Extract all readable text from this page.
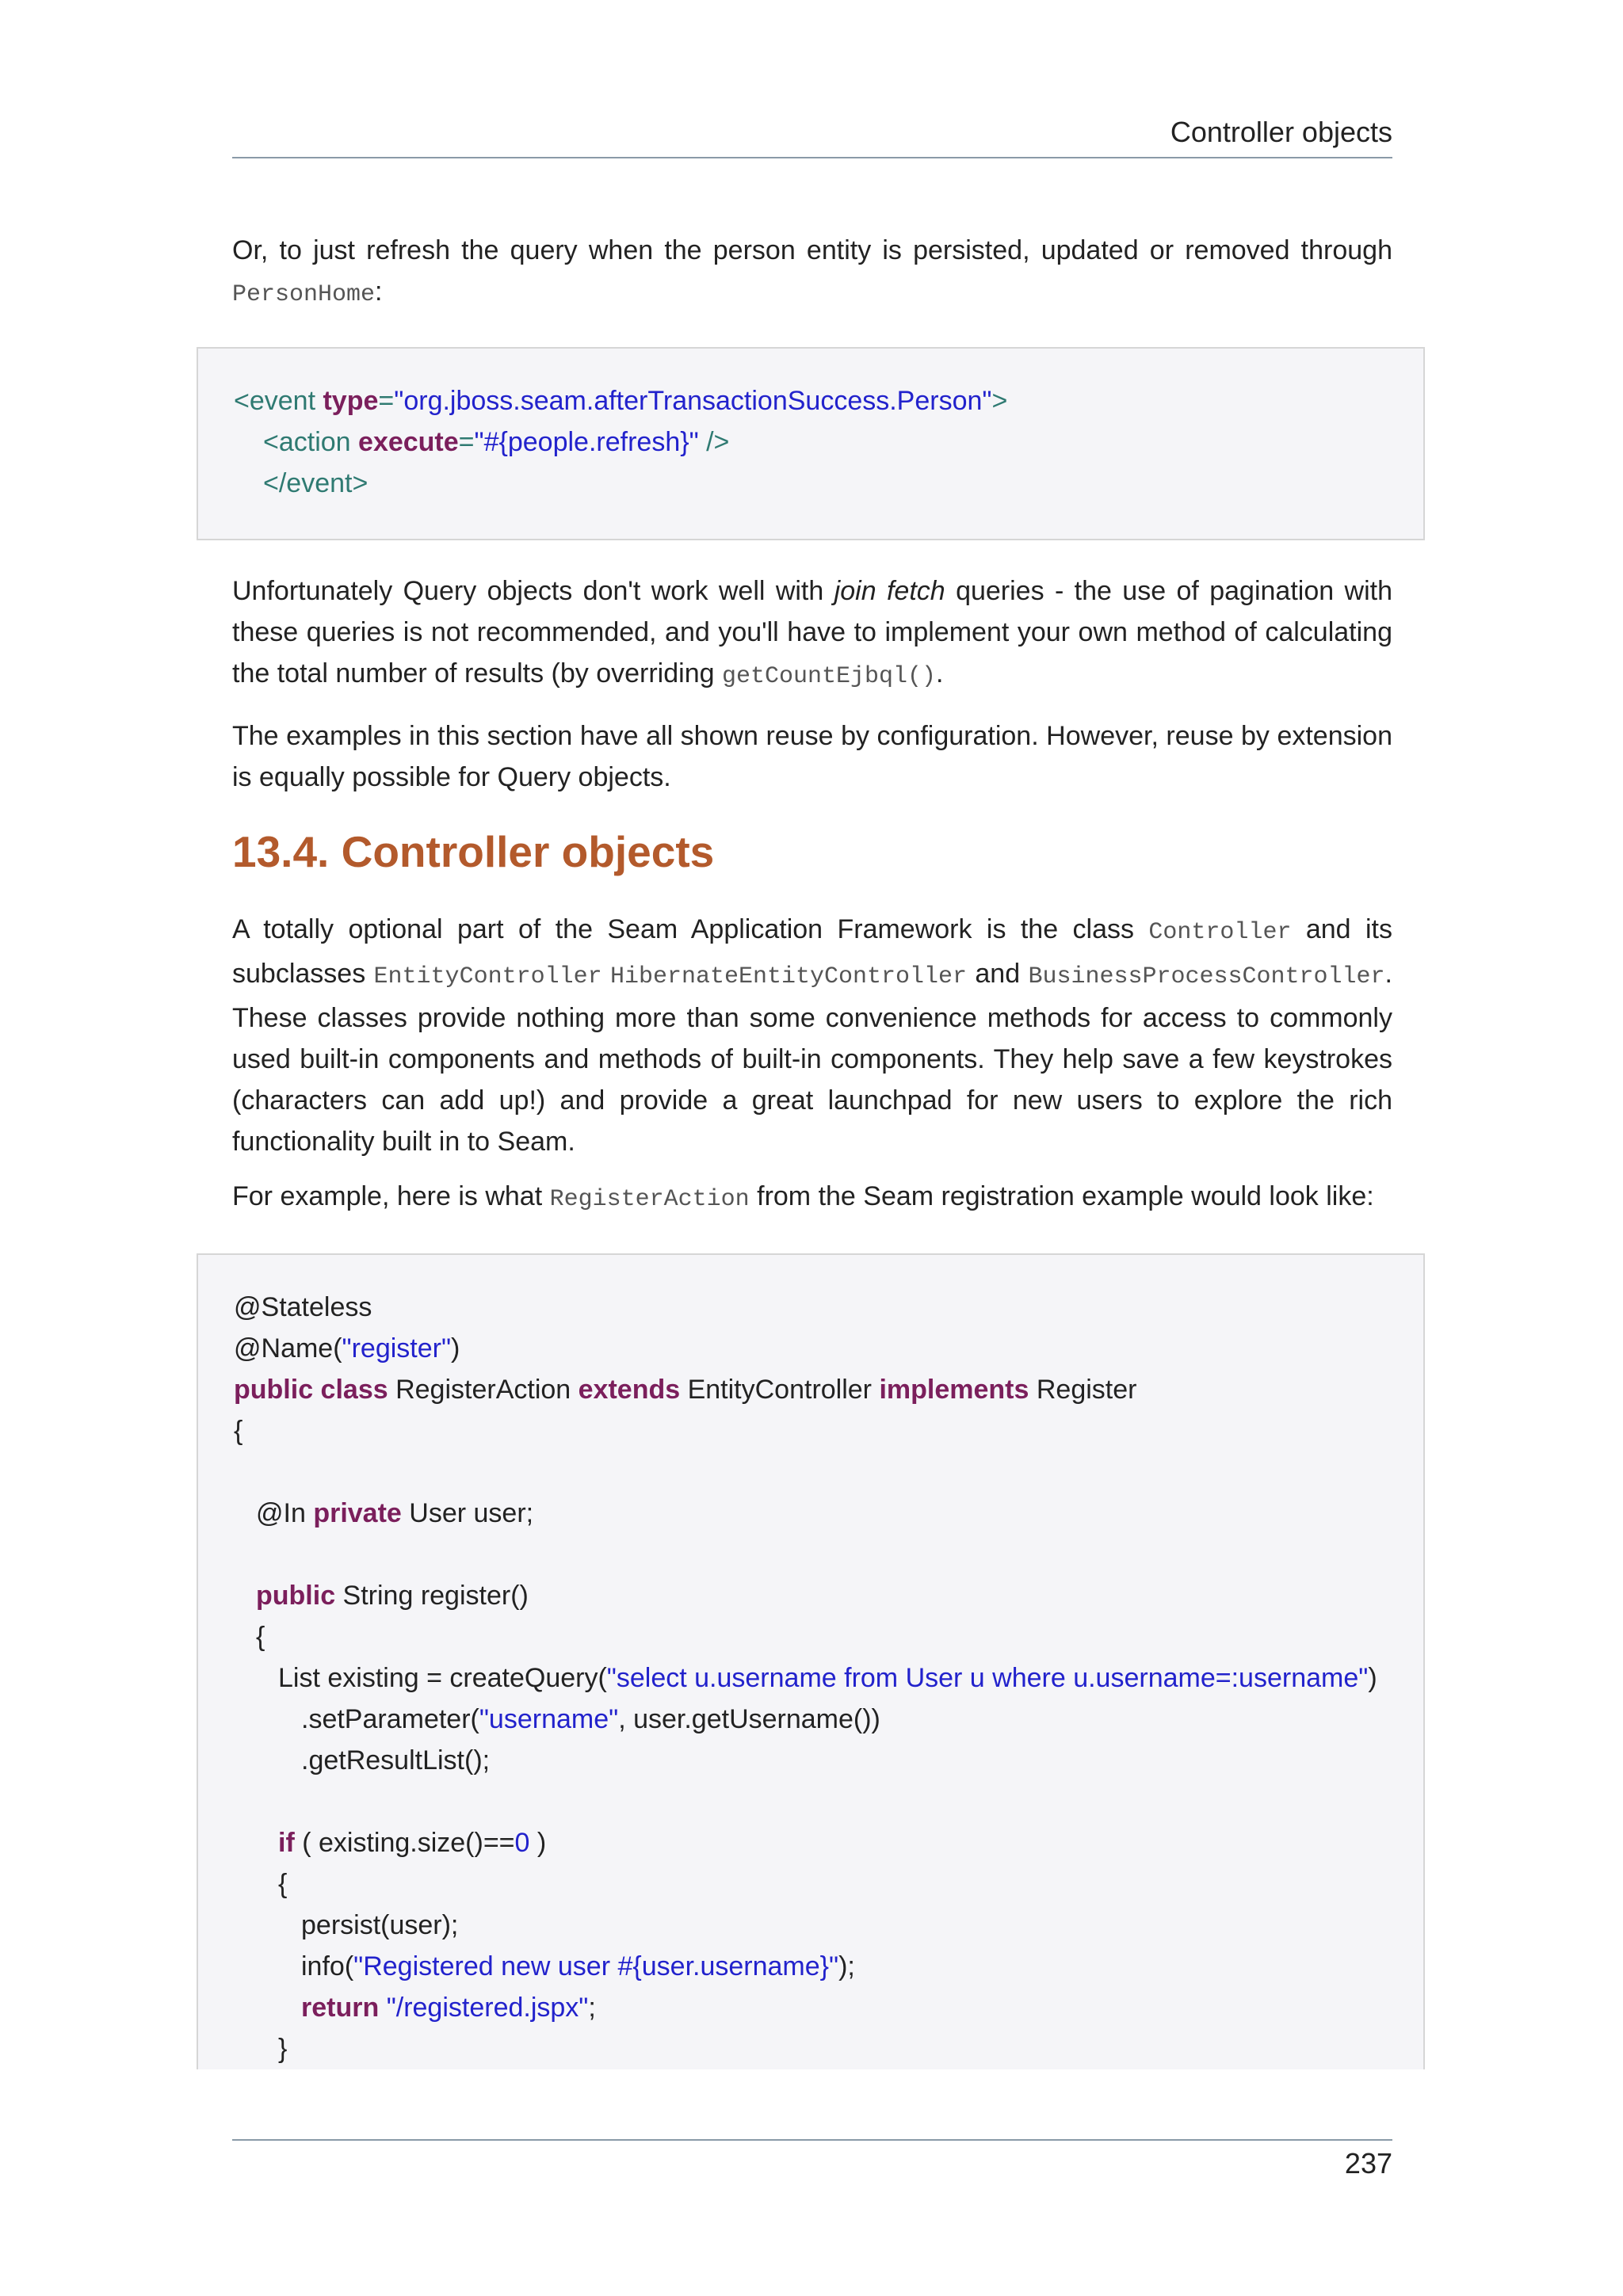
Controller objects

Or, to just refresh the query when the person entity is persisted, updated or removed through PersonHome:

<event type="org.jboss.seam.afterTransactionSuccess.Person">
<action execute="#{people.refresh}" />
</event>

Unfortunately Query objects don't work well with join fetch queries - the use of pagination with these queries is not recommended, and you'll have to implement your own method of calculating the total number of results (by overriding getCountEjbql().

The examples in this section have all shown reuse by configuration. However, reuse by extension is equally possible for Query objects.

13.4. Controller objects

A totally optional part of the Seam Application Framework is the class Controller and its subclasses EntityController HibernateEntityController and BusinessProcessController. These classes provide nothing more than some convenience methods for access to commonly used built-in components and methods of built-in components. They help save a few keystrokes (characters can add up!) and provide a great launchpad for new users to explore the rich functionality built in to Seam.

For example, here is what RegisterAction from the Seam registration example would look like:

@Stateless
@Name("register")
public class RegisterAction extends EntityController implements Register
{
@In private User user;
public String register()
{
List existing = createQuery("select u.username from User u where u.username=:username")
.setParameter("username", user.getUsername())
.getResultList();
if ( existing.size()==0 )
{
persist(user);
info("Registered new user #{user.username}");
return "/registered.jspx";
}
237
